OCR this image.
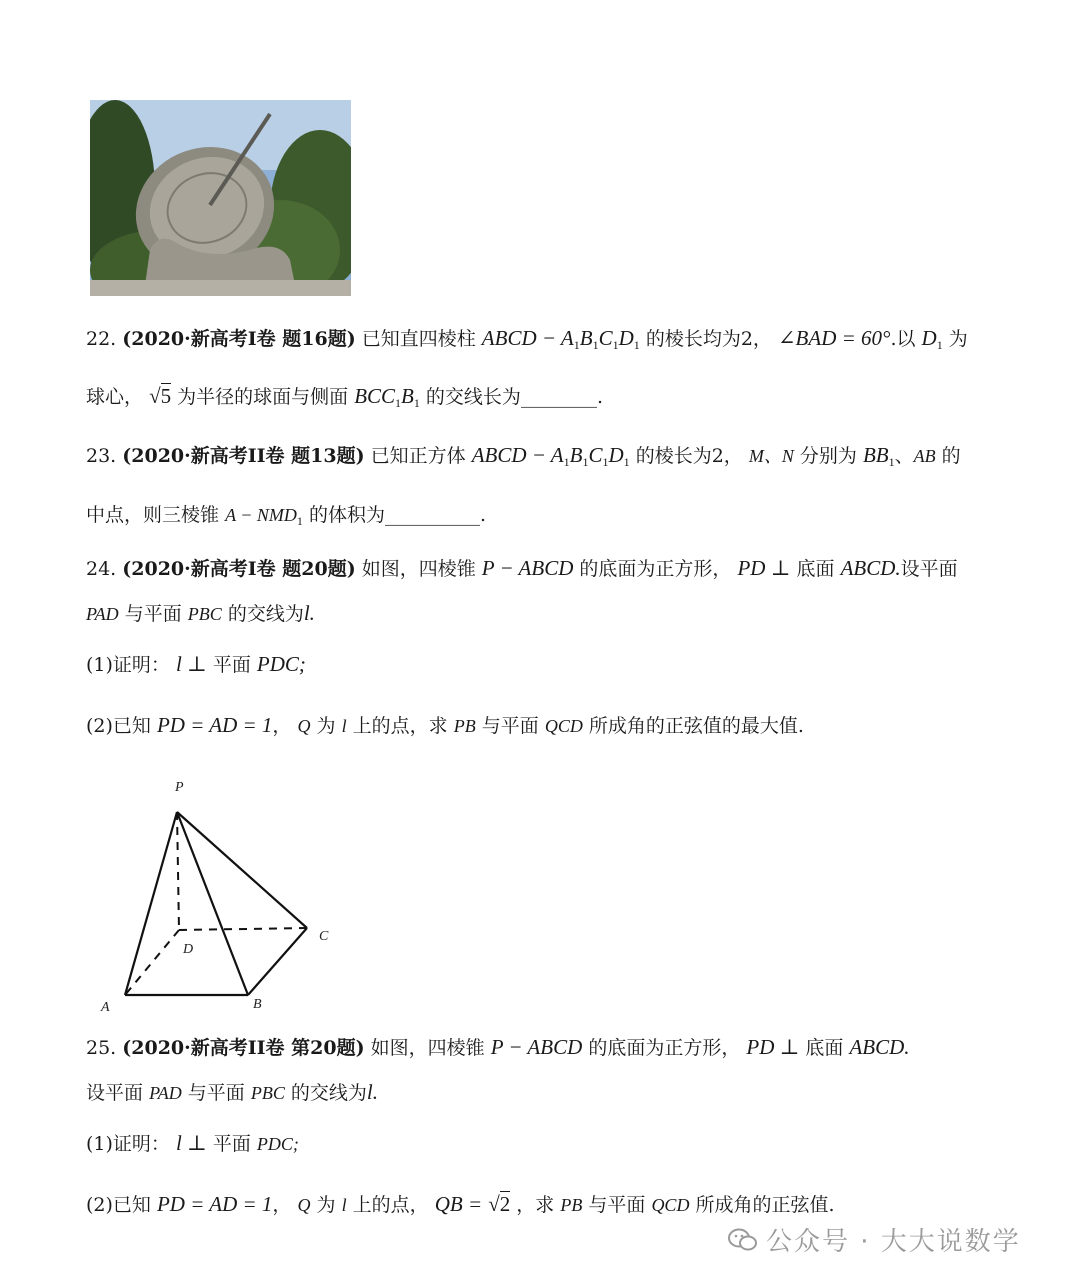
22. (2020·新高考I卷 题16题) 已知直四棱柱 ABCD − $A_1B_1C_1D_1$ 的棱长均为2， ∠BAD = 60°.以 $D_1$ 为
球心， √5 为半径的球面与侧面 $BCC_1B_1$ 的交线长为________.
23. (2020·新高考II卷 题13题) 已知正方体 ABCD − $A_1B_1C_1D_1$ 的棱长为2， M、N 分别为 $BB_1$、AB 的
中点，则三棱锥 $A - NMD_1$ 的体积为__________.
24. (2020·新高考I卷 题20题) 如图，四棱锥 P − ABCD 的底面为正方形， PD ⊥ 底面 ABCD.设平面
PAD 与平面 PBC 的交线为l.
(1)证明： l ⊥ 平面 PDC;
(2)已知 PD = AD = 1， Q 为 l 上的点，求 PB 与平面 QCD 所成角的正弦值的最大值.
P
D
C
A	B
25. (2020·新高考II卷 第20题) 如图，四棱锥 P − ABCD 的底面为正方形， PD ⊥ 底面 ABCD.
设平面 PAD 与平面 PBC 的交线为l.
(1)证明： l ⊥ 平面 PDC;
(2)已知 PD = AD = 1， Q 为 l 上的点， QB = √2 ，求 PB 与平面 QCD 所成角的正弦值.
公众号 · 大大说数学
